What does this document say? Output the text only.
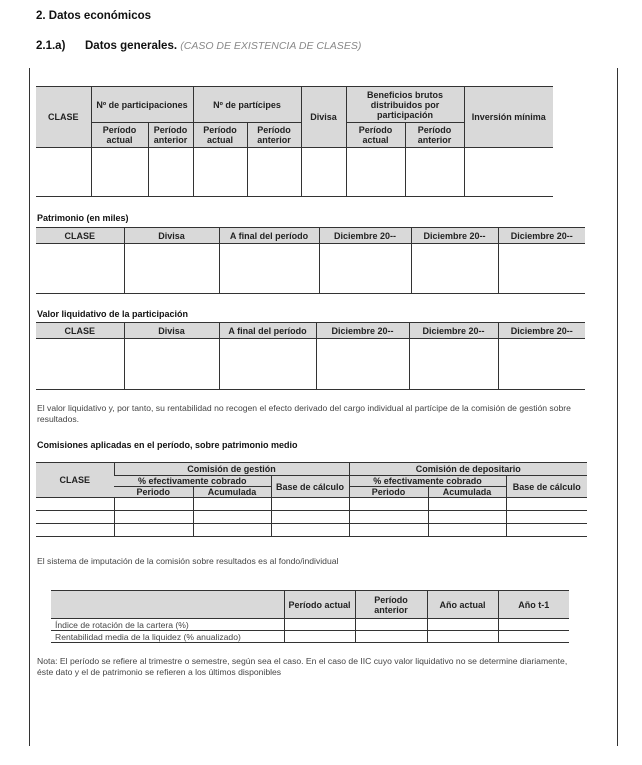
2. Datos económicos
2.1.a) Datos generales. (CASO DE EXISTENCIA DE CLASES)
CLASE	Nº de participaciones		Nº de partícipes		Divisa	Beneficios brutos distribuidos por participación		Inversión mínima
	Período actual	Período anterior	Período actual	Período anterior		Período actual	Período anterior	

Patrimonio (en miles)
CLASE	Divisa	A final del período	Diciembre 20--	Diciembre 20--	Diciembre 20--

Valor liquidativo de la participación
CLASE	Divisa	A final del período	Diciembre 20--	Diciembre 20--	Diciembre 20--

El valor liquidativo y, por tanto, su rentabilidad no recogen el efecto derivado del cargo individual al partícipe de la comisión de gestión sobre resultados.
Comisiones aplicadas en el período, sobre patrimonio medio
CLASE	Comisión de gestión			Comisión de depositario		
	% efectivamente cobrado		Base de cálculo	% efectivamente cobrado		Base de cálculo
	Periodo	Acumulada		Periodo	Acumulada	

El sistema de imputación de la comisión sobre resultados es al fondo/individual
	Período actual	Período anterior	Año actual	Año t-1
Índice de rotación de la cartera (%)				
Rentabilidad media de la liquidez (% anualizado)				
Nota: El período se refiere al trimestre o semestre, según sea el caso. En el caso de IIC cuyo valor liquidativo no se determine diariamente, éste dato y el de patrimonio se refieren a los últimos disponibles
